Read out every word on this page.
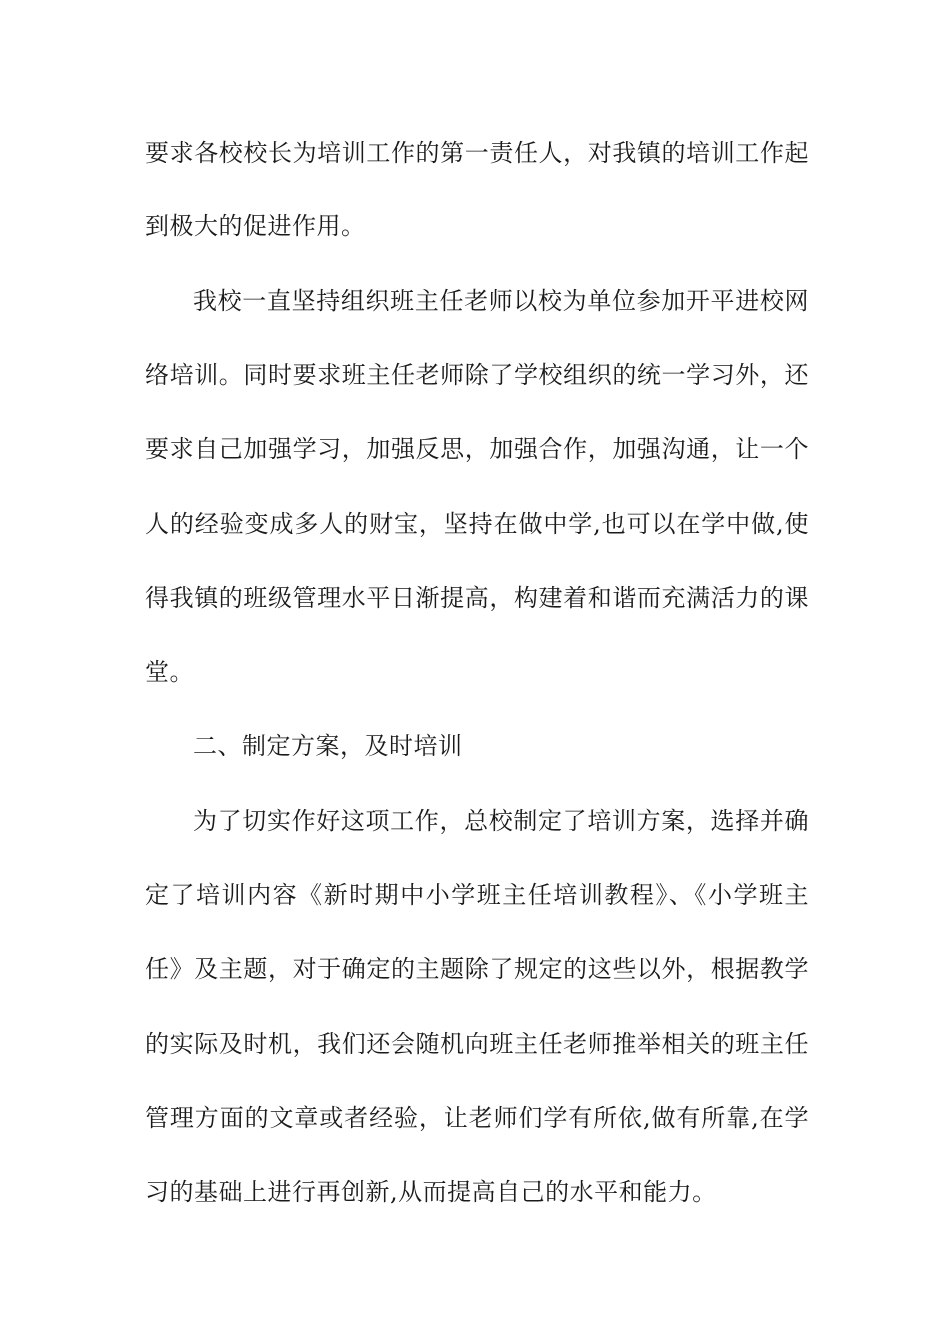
要求各校校长为培训工作的第一责任人，对我镇的培训工作起
到极大的促进作用。
我校一直坚持组织班主任老师以校为单位参加开平进校网
络培训。同时要求班主任老师除了学校组织的统一学习外，还
要求自己加强学习，加强反思，加强合作，加强沟通，让一个
人的经验变成多人的财宝，坚持在做中学,也可以在学中做,使
得我镇的班级管理水平日渐提高，构建着和谐而充满活力的课
堂。
二、制定方案，及时培训
为了切实作好这项工作，总校制定了培训方案，选择并确
定了培训内容《新时期中小学班主任培训教程》、《小学班主
任》及主题，对于确定的主题除了规定的这些以外，根据教学
的实际及时机，我们还会随机向班主任老师推举相关的班主任
管理方面的文章或者经验，让老师们学有所依,做有所靠,在学
习的基础上进行再创新,从而提高自己的水平和能力。
